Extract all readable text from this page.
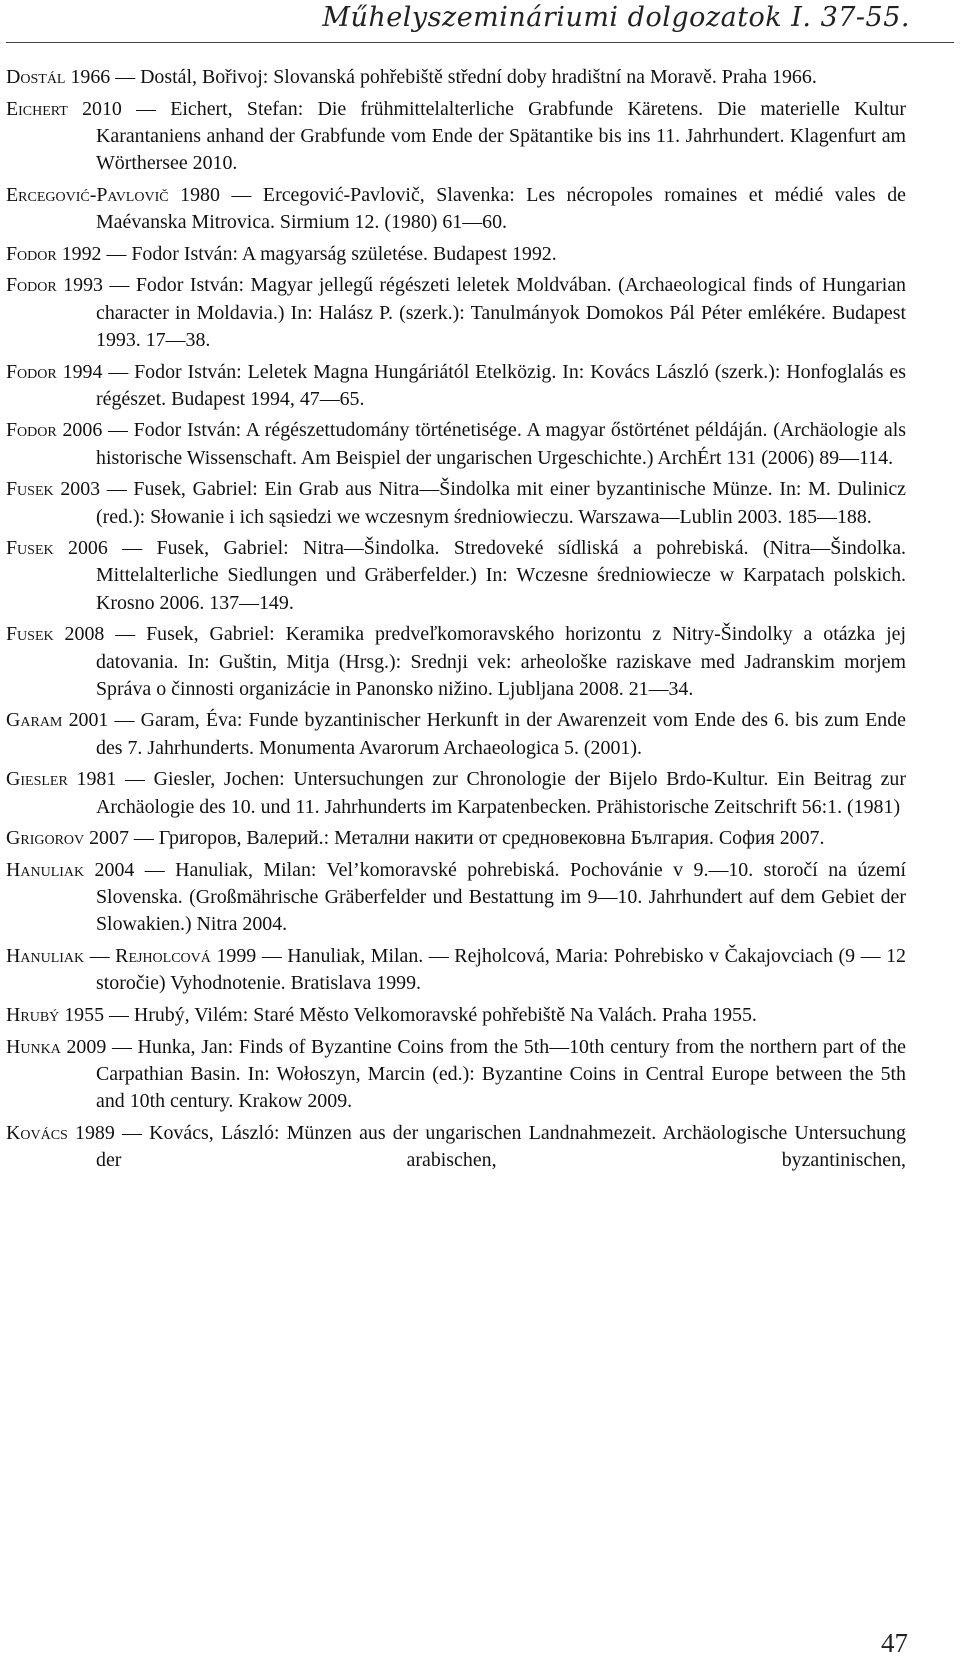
Műhelyszemináriumi dolgozatok I. 37-55.

Dostál 1966 — Dostál, Bořivoj: Slovanská pohřebiště střední doby hradištní na Moravě. Praha 1966.

Eichert 2010 — Eichert, Stefan: Die frühmittelalterliche Grabfunde Käretens. Die materielle Kultur Karantaniens anhand der Grabfunde vom Ende der Spätantike bis ins 11. Jahrhundert. Klagenfurt am Wörthersee 2010.

Ercegović-Pavlovič 1980 — Ercegović-Pavlovič, Slavenka: Les nécropoles romaines et médié vales de Maévanska Mitrovica. Sirmium 12. (1980) 61—60.

Fodor 1992 — Fodor István: A magyarság születése. Budapest 1992.

Fodor 1993 — Fodor István: Magyar jellegű régészeti leletek Moldvában. (Archaeological finds of Hungarian character in Moldavia.) In: Halász P. (szerk.): Tanulmányok Domokos Pál Péter emlékére. Budapest 1993. 17—38.

Fodor 1994 — Fodor István: Leletek Magna Hungáriától Etelközig. In: Kovács László (szerk.): Honfoglalás es régészet. Budapest 1994, 47—65.

Fodor 2006 — Fodor István: A régészettudomány történetisége. A magyar őstörténet példáján. (Archäologie als historische Wissenschaft. Am Beispiel der ungarischen Urgeschichte.) ArchÉrt 131 (2006) 89—114.

Fusek 2003 — Fusek, Gabriel: Ein Grab aus Nitra—Šindolka mit einer byzantinische Münze. In: M. Dulinicz (red.): Słowanie i ich sąsiedzi we wczesnym średniowieczu. Warszawa—Lublin 2003. 185—188.

Fusek 2006 — Fusek, Gabriel: Nitra—Šindolka. Stredoveké sídliská a pohrebiská. (Nitra—Šindolka. Mittelalterliche Siedlungen und Gräberfelder.) In: Wczesne średniowiecze w Karpatach polskich. Krosno 2006. 137—149.

Fusek 2008 — Fusek, Gabriel: Keramika predveľkomoravského horizontu z Nitry-Šindolky a otázka jej datovania. In: Guštin, Mitja (Hrsg.): Srednji vek: arheološke raziskave med Jadranskim morjem Správa o činnosti organizácie in Panonsko nižino. Ljubljana 2008. 21—34.

Garam 2001 — Garam, Éva: Funde byzantinischer Herkunft in der Awarenzeit vom Ende des 6. bis zum Ende des 7. Jahrhunderts. Monumenta Avarorum Archaeologica 5. (2001).

Giesler 1981 — Giesler, Jochen: Untersuchungen zur Chronologie der Bijelo Brdo-Kultur. Ein Beitrag zur Archäologie des 10. und 11. Jahrhunderts im Karpatenbecken. Prähistorische Zeitschrift 56:1. (1981)

Grigorov 2007 — Григоров, Валерий.: Метални накити от средновековна България. София 2007.

Hanuliak 2004 — Hanuliak, Milan: Vel’komoravské pohrebiská. Pochovánie v 9.—10. storočí na území Slovenska. (Großmährische Gräberfelder und Bestattung im 9—10. Jahrhundert auf dem Gebiet der Slowakien.) Nitra 2004.

Hanuliak — Rejholcová 1999 — Hanuliak, Milan. — Rejholcová, Maria: Pohrebisko v Čakajovciach (9 — 12 storočie) Vyhodnotenie. Bratislava 1999.

Hrubý 1955 — Hrubý, Vilém: Staré Město Velkomoravské pohřebiště Na Valách. Praha 1955.

Hunka 2009 — Hunka, Jan: Finds of Byzantine Coins from the 5th—10th century from the northern part of the Carpathian Basin. In: Wołoszyn, Marcin (ed.): Byzantine Coins in Central Europe between the 5th and 10th century. Krakow 2009.

Kovács 1989 — Kovács, László: Münzen aus der ungarischen Landnahmezeit. Archäologische Untersuchung der arabischen, byzantinischen,

47
